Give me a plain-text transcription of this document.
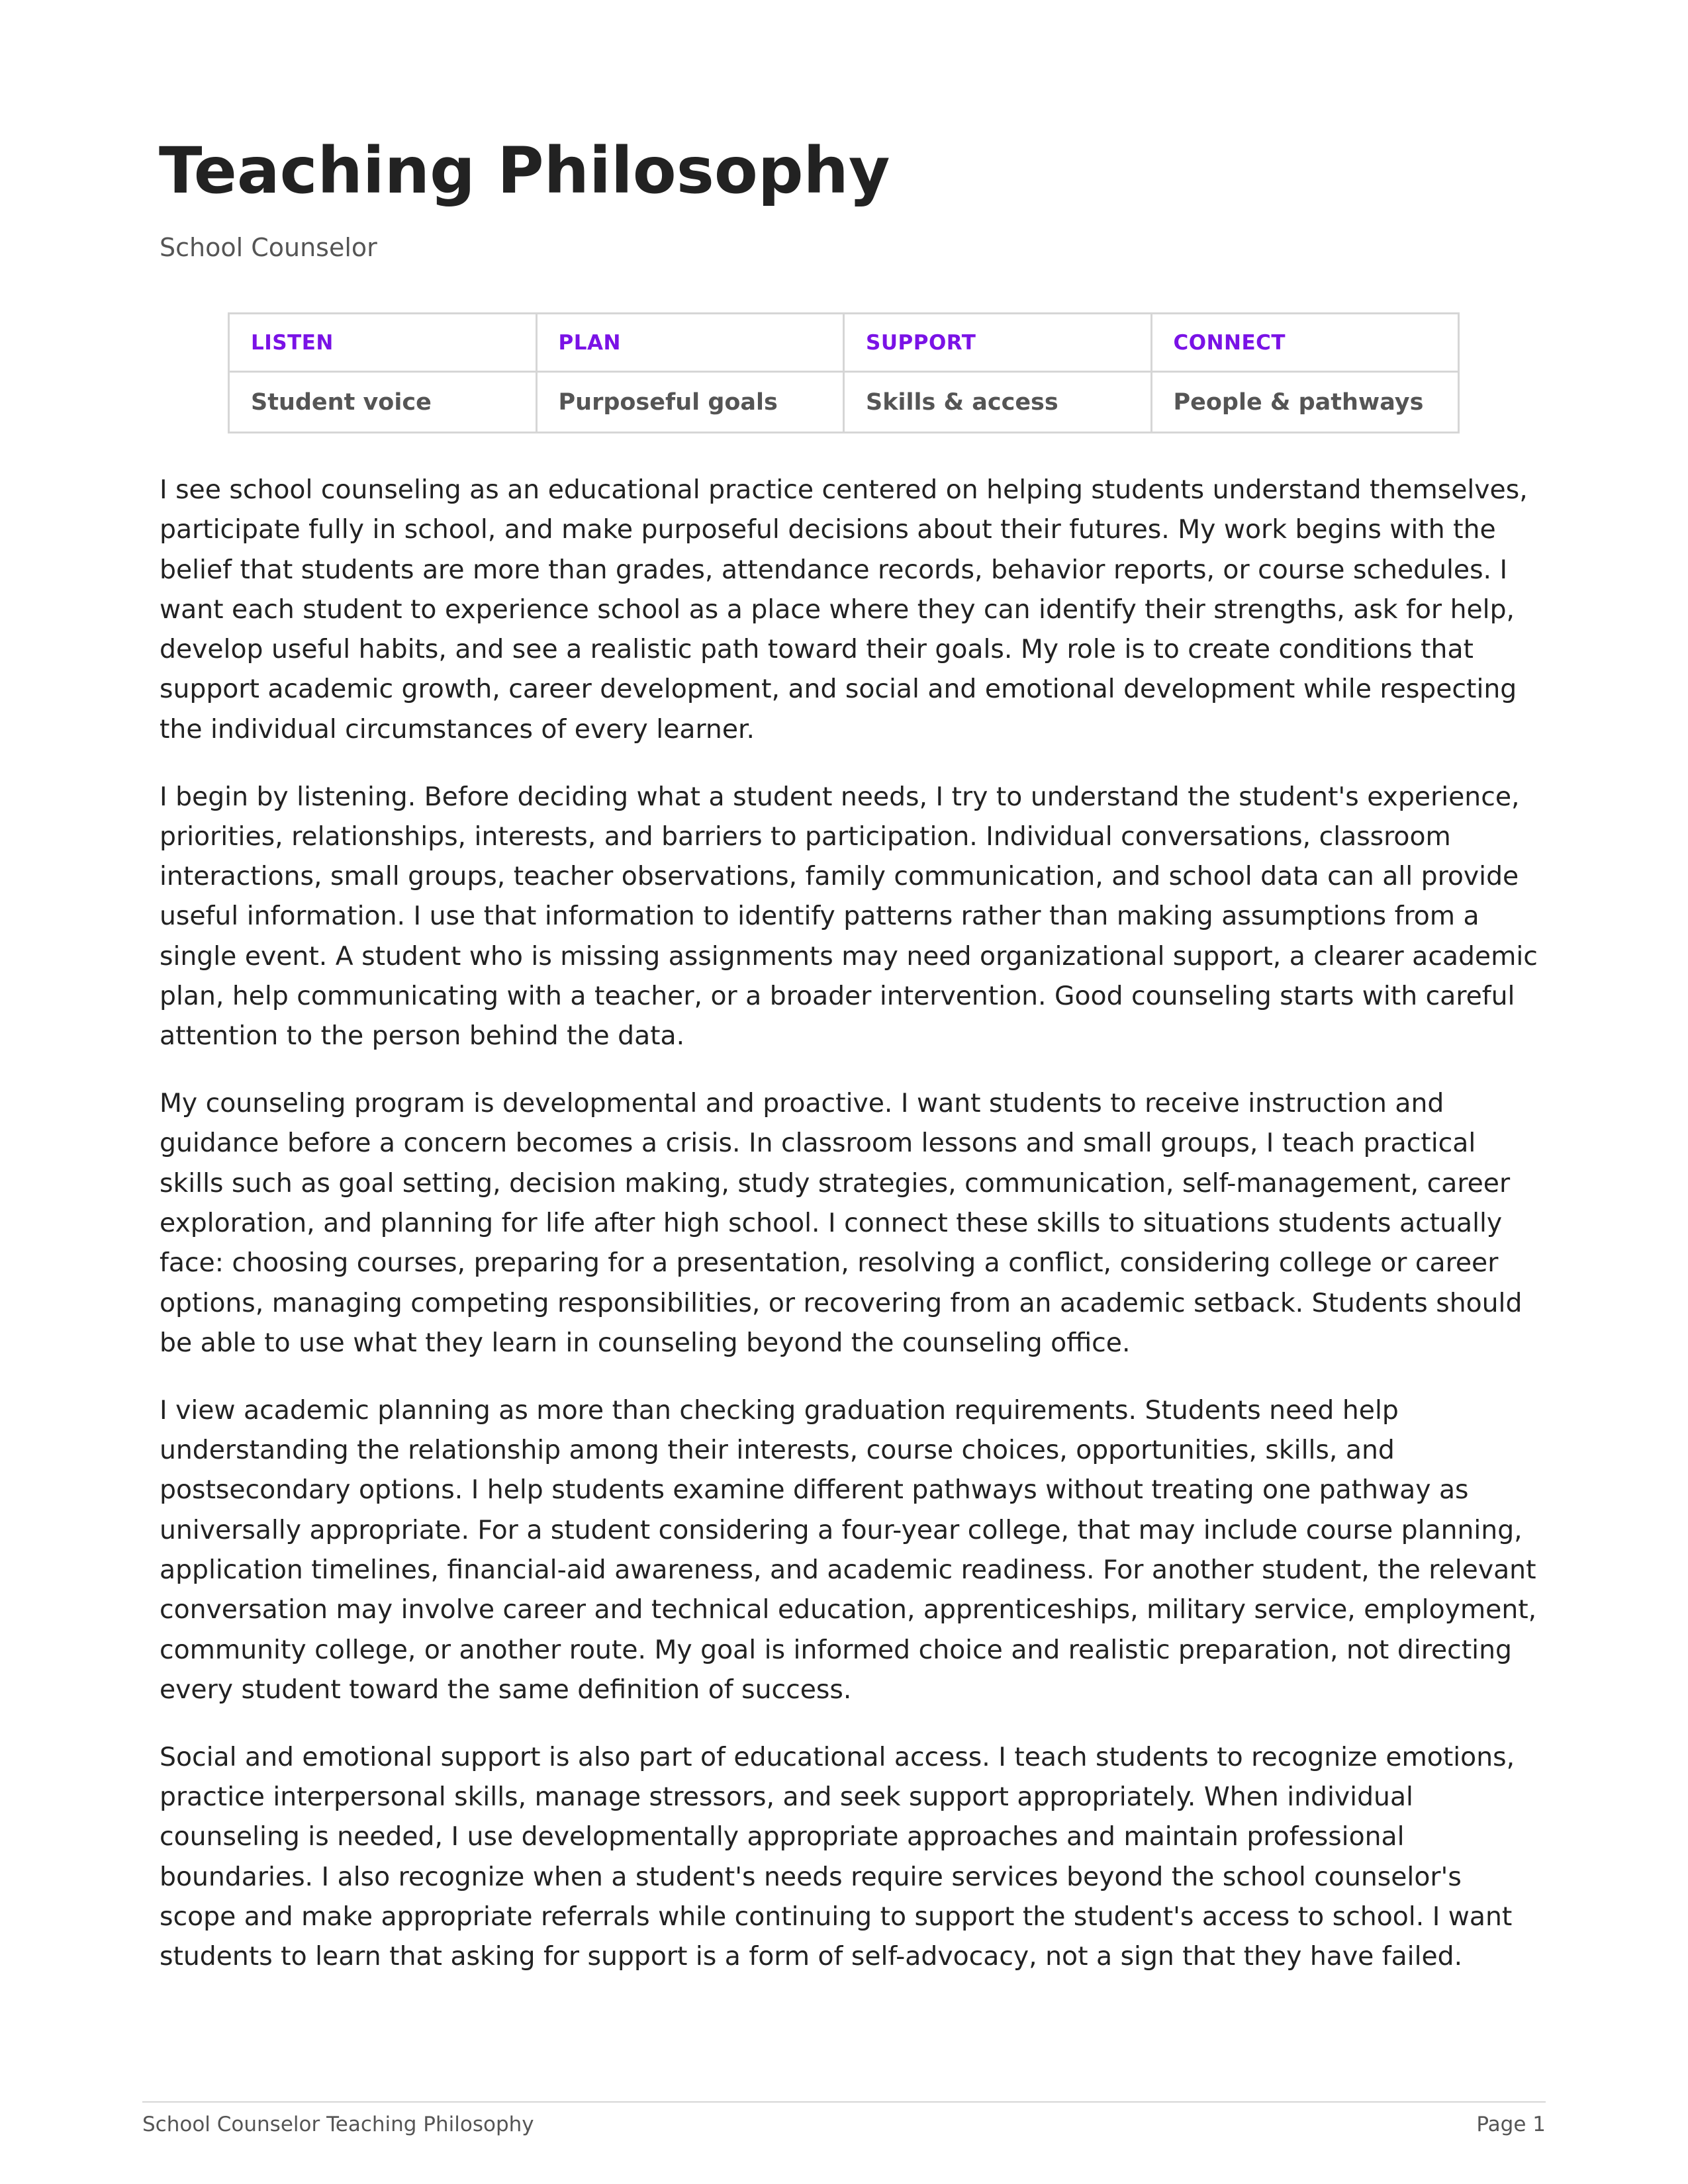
Teaching Philosophy
School Counselor
LISTEN	PLAN	SUPPORT	CONNECT
Student voice	Purposeful goals	Skills & access	People & pathways

I see school counseling as an educational practice centered on helping students understand themselves, participate fully in school, and make purposeful decisions about their futures. My work begins with the belief that students are more than grades, attendance records, behavior reports, or course schedules. I want each student to experience school as a place where they can identify their strengths, ask for help, develop useful habits, and see a realistic path toward their goals. My role is to create conditions that support academic growth, career development, and social and emotional development while respecting the individual circumstances of every learner.

I begin by listening. Before deciding what a student needs, I try to understand the student's experience, priorities, relationships, interests, and barriers to participation. Individual conversations, classroom interactions, small groups, teacher observations, family communication, and school data can all provide useful information. I use that information to identify patterns rather than making assumptions from a single event. A student who is missing assignments may need organizational support, a clearer academic plan, help communicating with a teacher, or a broader intervention. Good counseling starts with careful attention to the person behind the data.

My counseling program is developmental and proactive. I want students to receive instruction and guidance before a concern becomes a crisis. In classroom lessons and small groups, I teach practical skills such as goal setting, decision making, study strategies, communication, self-management, career exploration, and planning for life after high school. I connect these skills to situations students actually face: choosing courses, preparing for a presentation, resolving a conflict, considering college or career options, managing competing responsibilities, or recovering from an academic setback. Students should be able to use what they learn in counseling beyond the counseling office.

I view academic planning as more than checking graduation requirements. Students need help understanding the relationship among their interests, course choices, opportunities, skills, and postsecondary options. I help students examine different pathways without treating one pathway as universally appropriate. For a student considering a four-year college, that may include course planning, application timelines, financial-aid awareness, and academic readiness. For another student, the relevant conversation may involve career and technical education, apprenticeships, military service, employment, community college, or another route. My goal is informed choice and realistic preparation, not directing every student toward the same definition of success.

Social and emotional support is also part of educational access. I teach students to recognize emotions, practice interpersonal skills, manage stressors, and seek support appropriately. When individual counseling is needed, I use developmentally appropriate approaches and maintain professional boundaries. I also recognize when a student's needs require services beyond the school counselor's scope and make appropriate referrals while continuing to support the student's access to school. I want students to learn that asking for support is a form of self-advocacy, not a sign that they have failed.

School Counselor Teaching Philosophy	Page 1
